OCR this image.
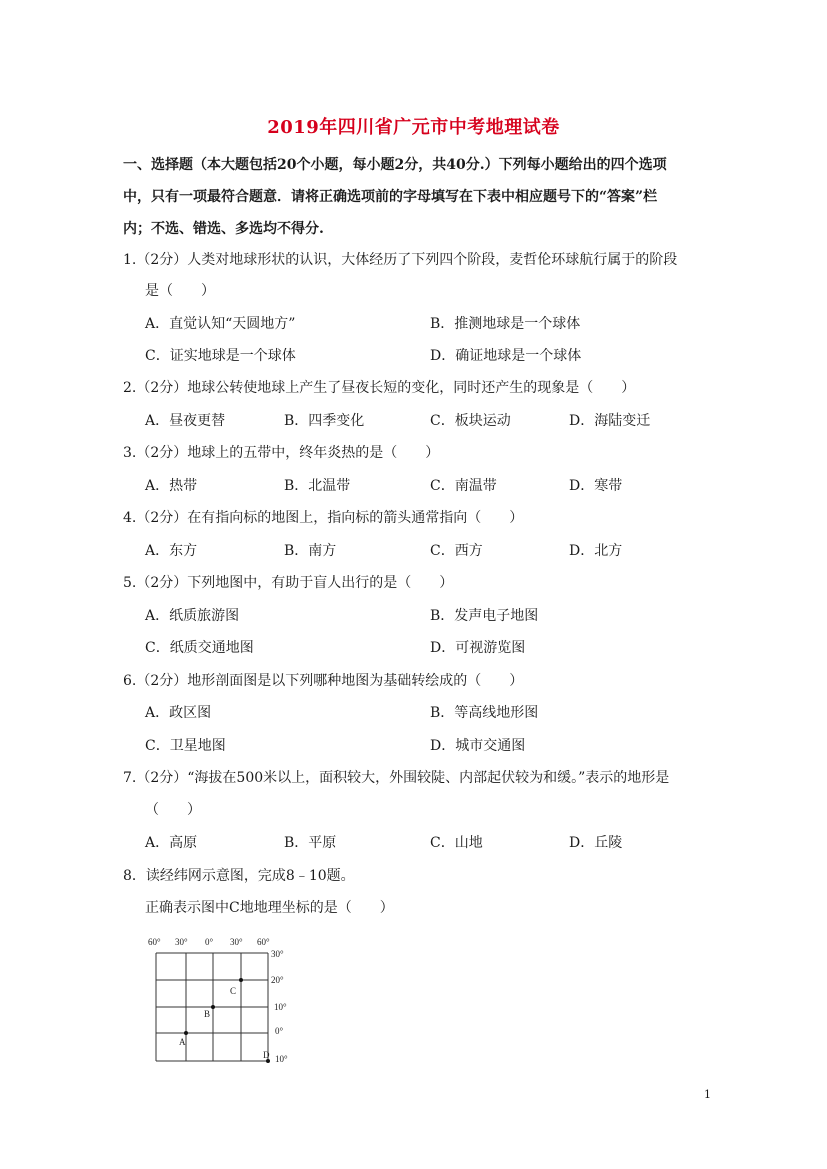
2019年四川省广元市中考地理试卷
一、选择题（本大题包括20个小题，每小题2分，共40分.）下列每小题给出的四个选项
中，只有一项最符合题意．请将正确选项前的字母填写在下表中相应题号下的“答案”栏
内；不选、错选、多选均不得分.
1.（2分）人类对地球形状的认识，大体经历了下列四个阶段，麦哲伦环球航行属于的阶段
是（　　）
A．直觉认知“天圆地方”	B．推测地球是一个球体
C．证实地球是一个球体	D．确证地球是一个球体
2.（2分）地球公转使地球上产生了昼夜长短的变化，同时还产生的现象是（　　）
A．昼夜更替	B．四季变化	C．板块运动	D．海陆变迁
3.（2分）地球上的五带中，终年炎热的是（　　）
A．热带	B．北温带	C．南温带	D．寒带
4.（2分）在有指向标的地图上，指向标的箭头通常指向（　　）
A．东方	B．南方	C．西方	D．北方
5.（2分）下列地图中，有助于盲人出行的是（　　）
A．纸质旅游图	B．发声电子地图
C．纸质交通地图	D．可视游览图
6.（2分）地形剖面图是以下列哪种地图为基础转绘成的（　　）
A．政区图	B．等高线地形图
C．卫星地图	D．城市交通图
7.（2分）“海拔在500米以上，面积较大，外围较陡、内部起伏较为和缓。”表示的地形是
（　　）
A．高原	B．平原	C．山地	D．丘陵
8．读经纬网示意图，完成8﹣10题。
正确表示图中C地地理坐标的是（　　）
60° 30° 0° 30° 60°
30°
20°
10°
0°
10°
A
B
C
D
1
